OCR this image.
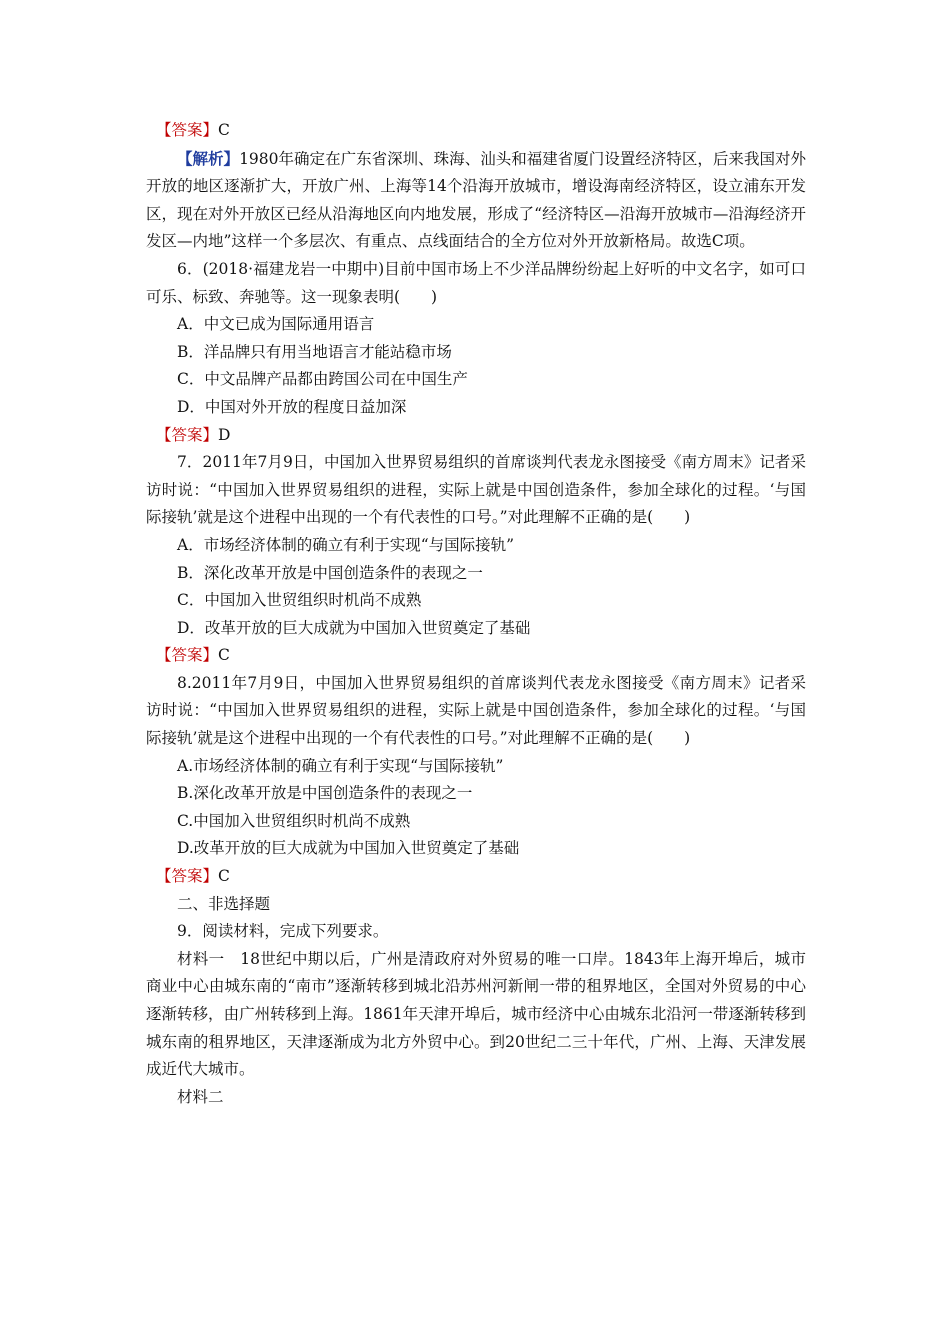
【答案】C

【解析】1980年确定在广东省深圳、珠海、汕头和福建省厦门设置经济特区，后来我国对外开放的地区逐渐扩大，开放广州、上海等14个沿海开放城市，增设海南经济特区，设立浦东开发区，现在对外开放区已经从沿海地区向内地发展，形成了“经济特区—沿海开放城市—沿海经济开发区—内地”这样一个多层次、有重点、点线面结合的全方位对外开放新格局。故选C项。

6．(2018·福建龙岩一中期中)目前中国市场上不少洋品牌纷纷起上好听的中文名字，如可口可乐、标致、奔驰等。这一现象表明(　　)

A．中文已成为国际通用语言

B．洋品牌只有用当地语言才能站稳市场

C．中文品牌产品都由跨国公司在中国生产

D．中国对外开放的程度日益加深

【答案】D

7．2011年7月9日，中国加入世界贸易组织的首席谈判代表龙永图接受《南方周末》记者采访时说：“中国加入世界贸易组织的进程，实际上就是中国创造条件，参加全球化的过程。‘与国际接轨’就是这个进程中出现的一个有代表性的口号。”对此理解不正确的是(　　)

A．市场经济体制的确立有利于实现“与国际接轨”

B．深化改革开放是中国创造条件的表现之一

C．中国加入世贸组织时机尚不成熟

D．改革开放的巨大成就为中国加入世贸奠定了基础

【答案】C

8.2011年7月9日，中国加入世界贸易组织的首席谈判代表龙永图接受《南方周末》记者采访时说：“中国加入世界贸易组织的进程，实际上就是中国创造条件，参加全球化的过程。‘与国际接轨’就是这个进程中出现的一个有代表性的口号。”对此理解不正确的是(　　)

A.市场经济体制的确立有利于实现“与国际接轨”

B.深化改革开放是中国创造条件的表现之一

C.中国加入世贸组织时机尚不成熟

D.改革开放的巨大成就为中国加入世贸奠定了基础

【答案】C

二、非选择题

9．阅读材料，完成下列要求。

材料一　18世纪中期以后，广州是清政府对外贸易的唯一口岸。1843年上海开埠后，城市商业中心由城东南的“南市”逐渐转移到城北沿苏州河新闸一带的租界地区，全国对外贸易的中心逐渐转移，由广州转移到上海。1861年天津开埠后，城市经济中心由城东北沿河一带逐渐转移到城东南的租界地区，天津逐渐成为北方外贸中心。到20世纪二三十年代，广州、上海、天津发展成近代大城市。

材料二
